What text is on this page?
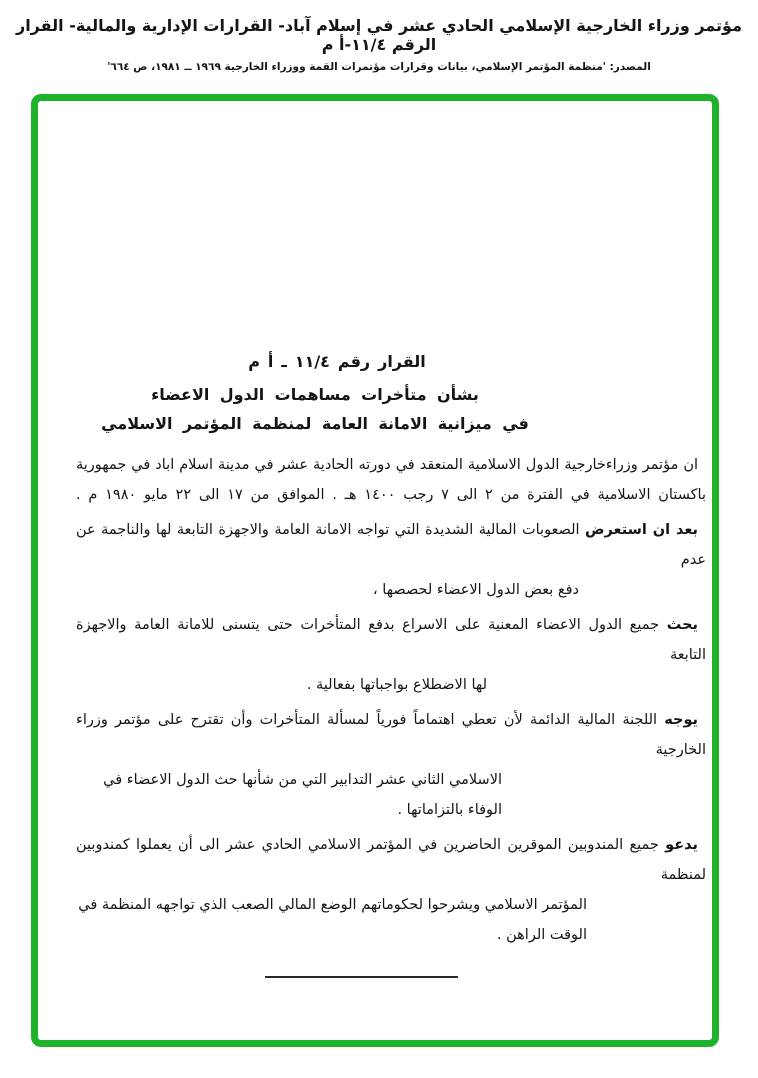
مؤتمر وزراء الخارجية الإسلامي الحادي عشر في إسلام آباد- القرارات الإدارية والمالية- القرار الرقم ١١/٤-أ م
المصدر: 'منظمة المؤتمر الإسلامي، بيانات وقرارات مؤتمرات القمة ووزراء الخارجية ١٩٦٩ ــ ١٩٨١، ص ٦٦٤'
القرار رقم ١١/٤ ـ أ م
بشأن متأخرات مساهمات الدول الاعضاء
في ميزانية الامانة العامة لمنظمة المؤتمر الاسلامي
ان مؤتمر وزراءخارجية الدول الاسلامية المنعقد في دورته الحادية عشر في مدينة اسلام اباد في جمهورية
باكستان الاسلامية في الفترة من ٢ الى ٧ رجب ١٤٠٠ هـ . الموافق من ١٧ الى ٢٢ مايو ١٩٨٠ م .
بعد ان استعرض الصعوبات المالية الشديدة التي تواجه الامانة العامة والاجهزة التابعة لها والناجمة عن عدم
دفع بعض الدول الاعضاء لحصصها ،
يحث جميع الدول الاعضاء المعنية على الاسراع بدفع المتأخرات حتى يتسنى للامانة العامة والاجهزة التابعة
لها الاضطلاع بواجباتها بفعالية .
يوجه اللجنة المالية الدائمة لأن تعطي اهتماماً فورياً لمسألة المتأخرات وأن تقترح على مؤتمر وزراء الخارجية
الاسلامي الثاني عشر التدابير التي من شأنها حث الدول الاعضاء في الوفاء بالتزاماتها .
يدعو جميع المندوبين الموقرين الحاضرين في المؤتمر الاسلامي الحادي عشر الى أن يعملوا كمندوبين لمنظمة
المؤتمر الاسلامي ويشرحوا لحكوماتهم الوضع المالي الصعب الذي تواجهه المنظمة في الوقت الراهن .
